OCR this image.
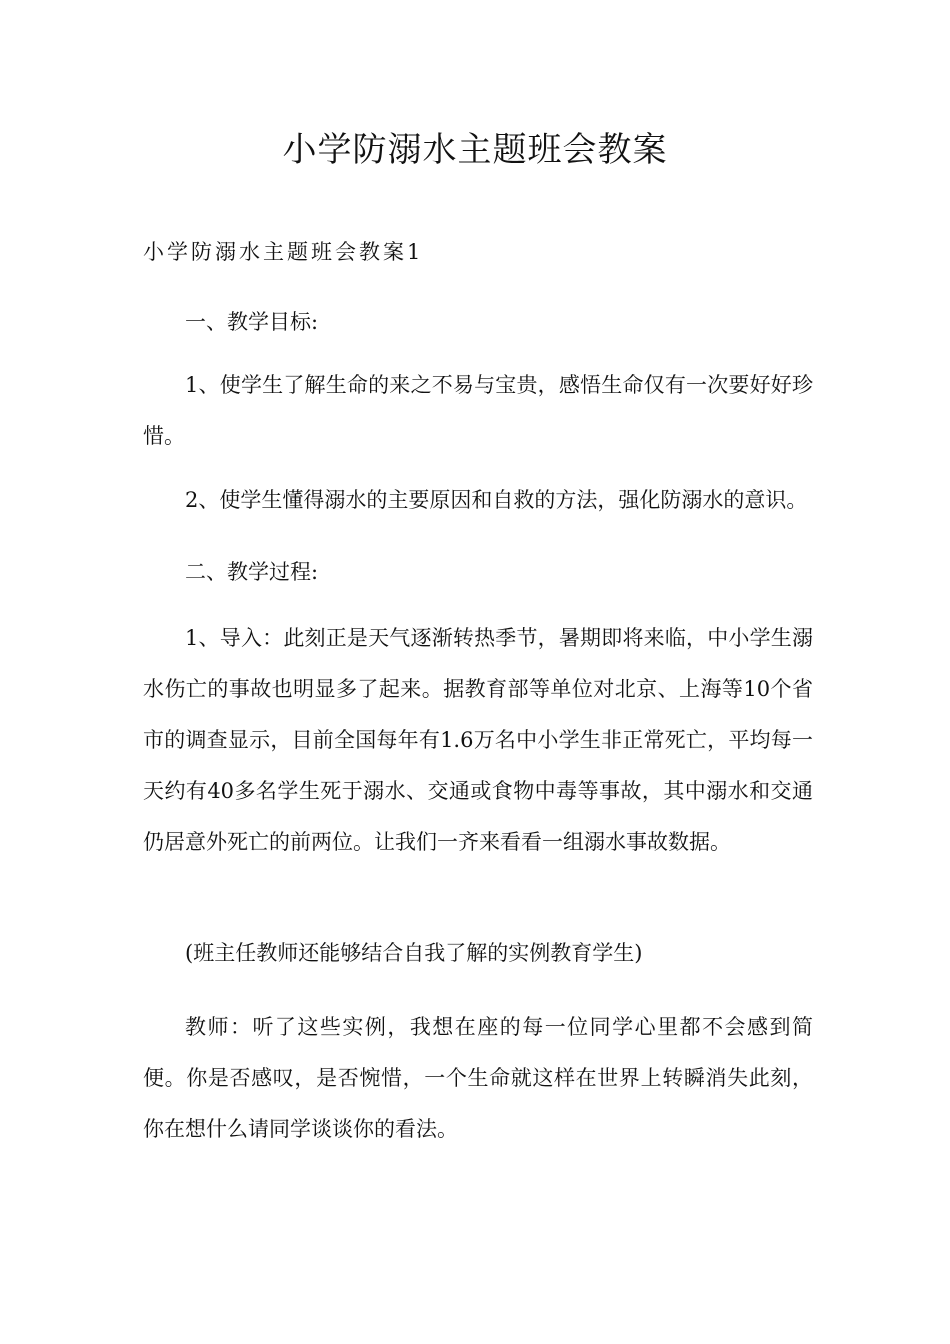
小学防溺水主题班会教案
小学防溺水主题班会教案1
一、教学目标:
1、使学生了解生命的来之不易与宝贵，感悟生命仅有一次要好好珍惜。
2、使学生懂得溺水的主要原因和自救的方法，强化防溺水的意识。
二、教学过程:
1、导入：此刻正是天气逐渐转热季节，暑期即将来临，中小学生溺水伤亡的事故也明显多了起来。据教育部等单位对北京、上海等10个省市的调查显示，目前全国每年有1.6万名中小学生非正常死亡，平均每一天约有40多名学生死于溺水、交通或食物中毒等事故，其中溺水和交通仍居意外死亡的前两位。让我们一齐来看看一组溺水事故数据。
(班主任教师还能够结合自我了解的实例教育学生)
教师：听了这些实例，我想在座的每一位同学心里都不会感到简便。你是否感叹，是否惋惜，一个生命就这样在世界上转瞬消失此刻，你在想什么请同学谈谈你的看法。
